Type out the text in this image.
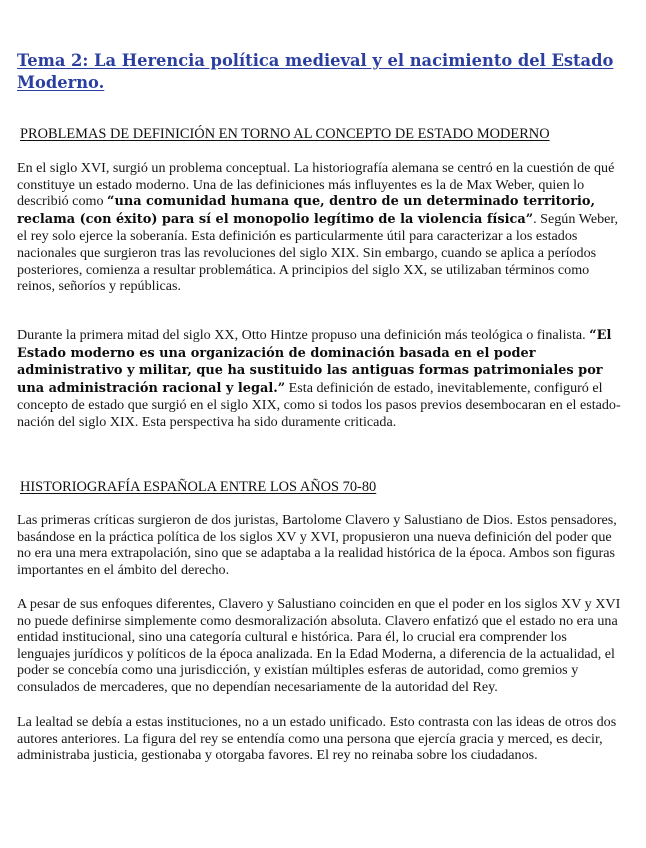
Tema 2: La Herencia política medieval y el nacimiento del Estado Moderno.
PROBLEMAS DE DEFINICIÓN EN TORNO AL CONCEPTO DE ESTADO MODERNO

En el siglo XVI, surgió un problema conceptual. La historiografía alemana se centró en la cuestión de qué constituye un estado moderno. Una de las definiciones más influyentes es la de Max Weber, quien lo describió como “una comunidad humana que, dentro de un determinado territorio, reclama (con éxito) para sí el monopolio legítimo de la violencia física”. Según Weber, el rey solo ejerce la soberanía. Esta definición es particularmente útil para caracterizar a los estados nacionales que surgieron tras las revoluciones del siglo XIX. Sin embargo, cuando se aplica a períodos posteriores, comienza a resultar problemática. A principios del siglo XX, se utilizaban términos como reinos, señoríos y repúblicas.

Durante la primera mitad del siglo XX, Otto Hintze propuso una definición más teológica o finalista. “El Estado moderno es una organización de dominación basada en el poder administrativo y militar, que ha sustituido las antiguas formas patrimoniales por una administración racional y legal.” Esta definición de estado, inevitablemente, configuró el concepto de estado que surgió en el siglo XIX, como si todos los pasos previos desembocaran en el estado-nación del siglo XIX. Esta perspectiva ha sido duramente criticada.

HISTORIOGRAFÍA ESPAÑOLA ENTRE LOS AÑOS 70-80

Las primeras críticas surgieron de dos juristas, Bartolome Clavero y Salustiano de Dios. Estos pensadores, basándose en la práctica política de los siglos XV y XVI, propusieron una nueva definición del poder que no era una mera extrapolación, sino que se adaptaba a la realidad histórica de la época. Ambos son figuras importantes en el ámbito del derecho.

A pesar de sus enfoques diferentes, Clavero y Salustiano coinciden en que el poder en los siglos XV y XVI no puede definirse simplemente como desmoralización absoluta. Clavero enfatizó que el estado no era una entidad institucional, sino una categoría cultural e histórica. Para él, lo crucial era comprender los lenguajes jurídicos y políticos de la época analizada. En la Edad Moderna, a diferencia de la actualidad, el poder se concebía como una jurisdicción, y existían múltiples esferas de autoridad, como gremios y consulados de mercaderes, que no dependían necesariamente de la autoridad del Rey.

La lealtad se debía a estas instituciones, no a un estado unificado. Esto contrasta con las ideas de otros dos autores anteriores. La figura del rey se entendía como una persona que ejercía gracia y merced, es decir, administraba justicia, gestionaba y otorgaba favores. El rey no reinaba sobre los ciudadanos.
